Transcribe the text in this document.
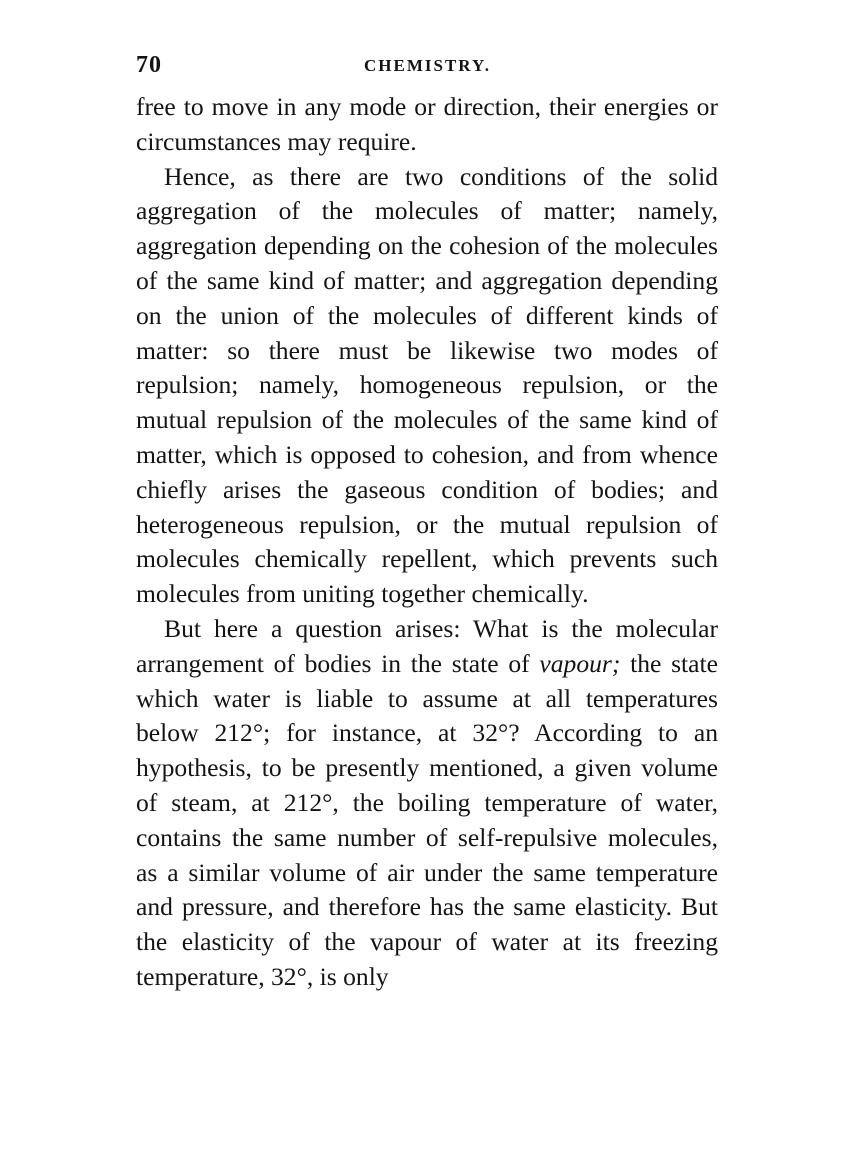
70	CHEMISTRY.

free to move in any mode or direction, their energies or circumstances may require.

Hence, as there are two conditions of the solid aggregation of the molecules of matter; namely, aggregation depending on the cohesion of the molecules of the same kind of matter; and aggregation depending on the union of the molecules of different kinds of matter: so there must be likewise two modes of repulsion; namely, homogeneous repulsion, or the mutual repulsion of the molecules of the same kind of matter, which is opposed to cohesion, and from whence chiefly arises the gaseous condition of bodies; and heterogeneous repulsion, or the mutual repulsion of molecules chemically repellent, which prevents such molecules from uniting together chemically.

But here a question arises: What is the molecular arrangement of bodies in the state of vapour; the state which water is liable to assume at all temperatures below 212°; for instance, at 32°? According to an hypothesis, to be presently mentioned, a given volume of steam, at 212°, the boiling temperature of water, contains the same number of self-repulsive molecules, as a similar volume of air under the same temperature and pressure, and therefore has the same elasticity. But the elasticity of the vapour of water at its freezing temperature, 32°, is only
